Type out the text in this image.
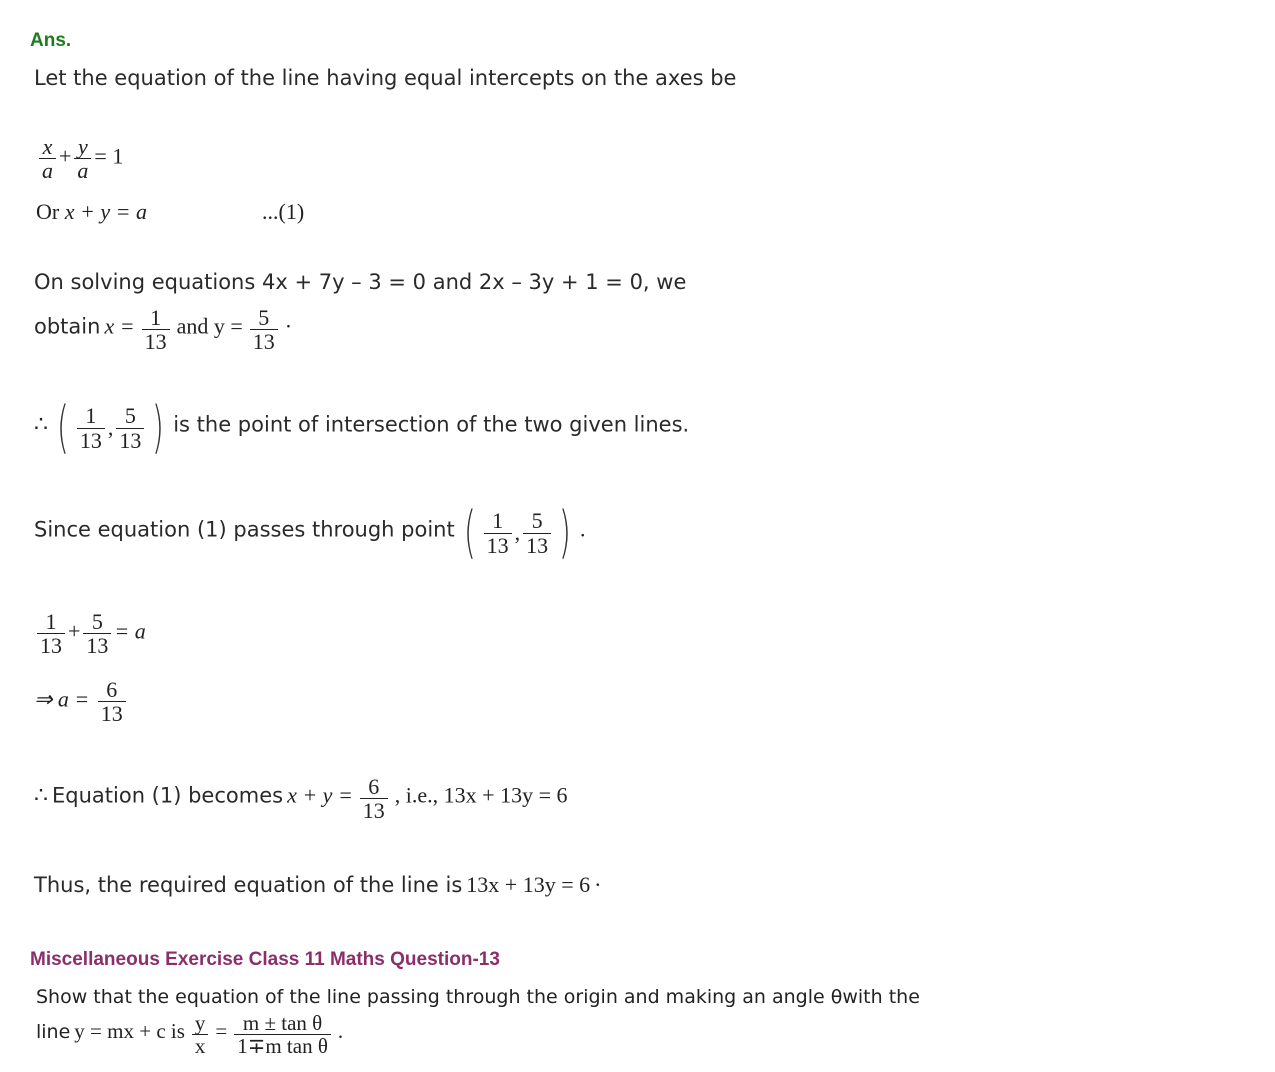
Ans.
Let the equation of the line having equal intercepts on the axes be
$\frac{x}{a} + \frac{y}{a} = 1$
Or x + y = a	...(1)
On solving equations 4x + 7y – 3 = 0 and 2x – 3y + 1 = 0, we
obtain $x = \frac{1}{13}$ and $y = \frac{5}{13}$ ·
∴ ( $\frac{1}{13}$ , $\frac{5}{13}$ ) is the point of intersection of the two given lines.
Since equation (1) passes through point ( $\frac{1}{13}$ , $\frac{5}{13}$ ) .
$\frac{1}{13} + \frac{5}{13} = a$
⇒ $a = \frac{6}{13}$
∴ Equation (1) becomes $x + y = \frac{6}{13}$ , i.e., 13x + 13y = 6
Thus, the required equation of the line is 13x + 13y = 6 ·
Miscellaneous Exercise Class 11 Maths Question-13
Show that the equation of the line passing through the origin and making an angle θwith the
line y = mx + c is $\frac{y}{x} = \frac{\text{m ± tan θ}}{\text{1∓m tan θ}}$ .
